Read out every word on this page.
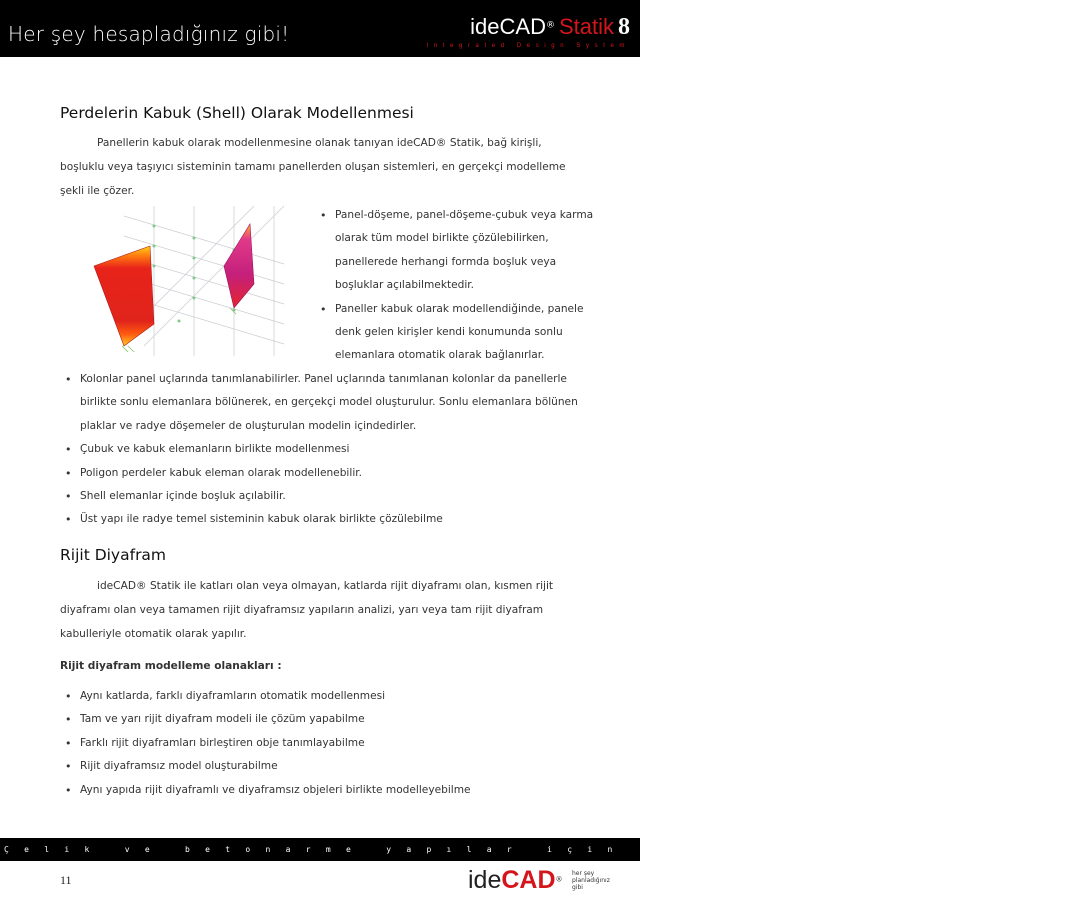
Her şey hesapladığınız gibi!	ideCAD® Statik 8
Integrated Design System
Perdelerin Kabuk (Shell) Olarak Modellenmesi
Panellerin kabuk olarak modellenmesine olanak tanıyan ideCAD® Statik, bağ kirişli, boşluklu veya taşıyıcı sisteminin tamamı panellerden oluşan sistemleri, en gerçekçi modelleme şekli ile çözer.
• Panel-döşeme, panel-döşeme-çubuk veya karma olarak tüm model birlikte çözülebilirken, panellerede herhangi formda boşluk veya boşluklar açılabilmektedir.
• Paneller kabuk olarak modellendiğinde, panele denk gelen kirişler kendi konumunda sonlu elemanlara otomatik olarak bağlanırlar.
• Kolonlar panel uçlarında tanımlanabilirler. Panel uçlarında tanımlanan kolonlar da panellerle birlikte sonlu elemanlara bölünerek, en gerçekçi model oluşturulur. Sonlu elemanlara bölünen plaklar ve radye döşemeler de oluşturulan modelin içindedirler.
• Çubuk ve kabuk elemanların birlikte modellenmesi
• Poligon perdeler kabuk eleman olarak modellenebilir.
• Shell elemanlar içinde boşluk açılabilir.
• Üst yapı ile radye temel sisteminin kabuk olarak birlikte çözülebilme
Rijit Diyafram
ideCAD® Statik ile katları olan veya olmayan, katlarda rijit diyaframı olan, kısmen rijit diyaframı olan veya tamamen rijit diyaframsız yapıların analizi, yarı veya tam rijit diyafram kabulleriyle otomatik olarak yapılır.
Rijit diyafram modelleme olanakları :
• Aynı katlarda, farklı diyaframların otomatik modellenmesi
• Tam ve yarı rijit diyafram modeli ile çözüm yapabilme
• Farklı rijit diyaframları birleştiren obje tanımlayabilme
• Rijit diyaframsız model oluşturabilme
• Aynı yapıda rijit diyaframlı ve diyaframsız objeleri birlikte modelleyebilme
Çelik ve betonarme yapılar için entegre yazılım çözümü
11	ideCAD®
her şey
planladığınız
gibi
